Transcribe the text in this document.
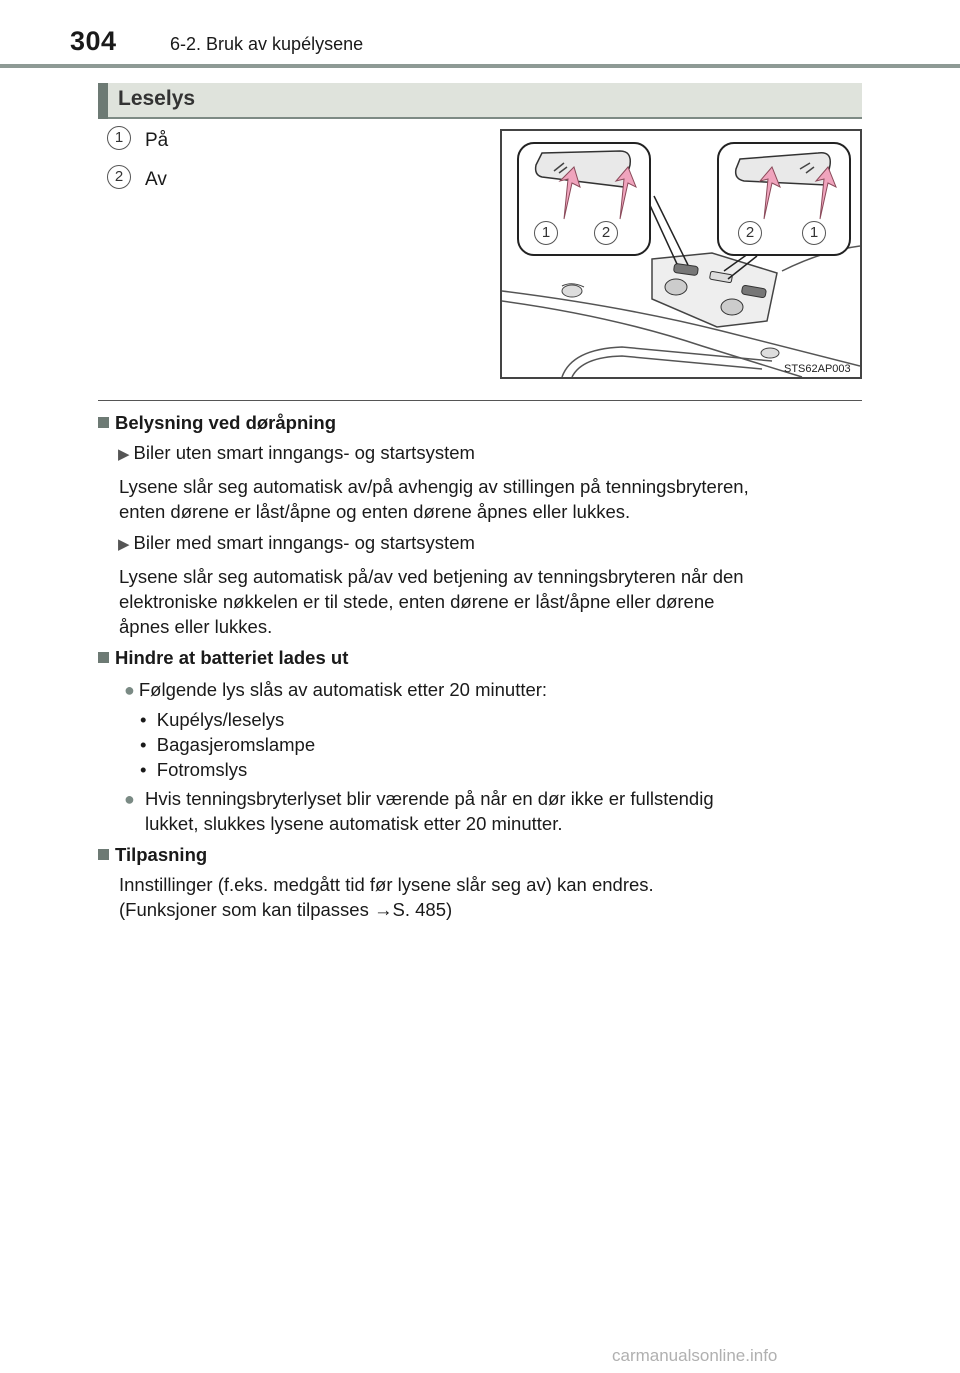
304	6-2. Bruk av kupélysene
Leselys
1	På
2	Av
1	2	2	1
STS62AP003
Belysning ved døråpning
▶ Biler uten smart inngangs- og startsystem
Lysene slår seg automatisk av/på avhengig av stillingen på tenningsbryteren,
enten dørene er låst/åpne og enten dørene åpnes eller lukkes.
▶ Biler med smart inngangs- og startsystem
Lysene slår seg automatisk på/av ved betjening av tenningsbryteren når den
elektroniske nøkkelen er til stede, enten dørene er låst/åpne eller dørene
åpnes eller lukkes.
Hindre at batteriet lades ut
● Følgende lys slås av automatisk etter 20 minutter:
•  Kupélys/leselys
•  Bagasjeromslampe
•  Fotromslys
● Hvis tenningsbryterlyset blir værende på når en dør ikke er fullstendig
lukket, slukkes lysene automatisk etter 20 minutter.
Tilpasning
Innstillinger (f.eks. medgått tid før lysene slår seg av) kan endres.
(Funksjoner som kan tilpasses →S. 485)
carmanualsonline.info
